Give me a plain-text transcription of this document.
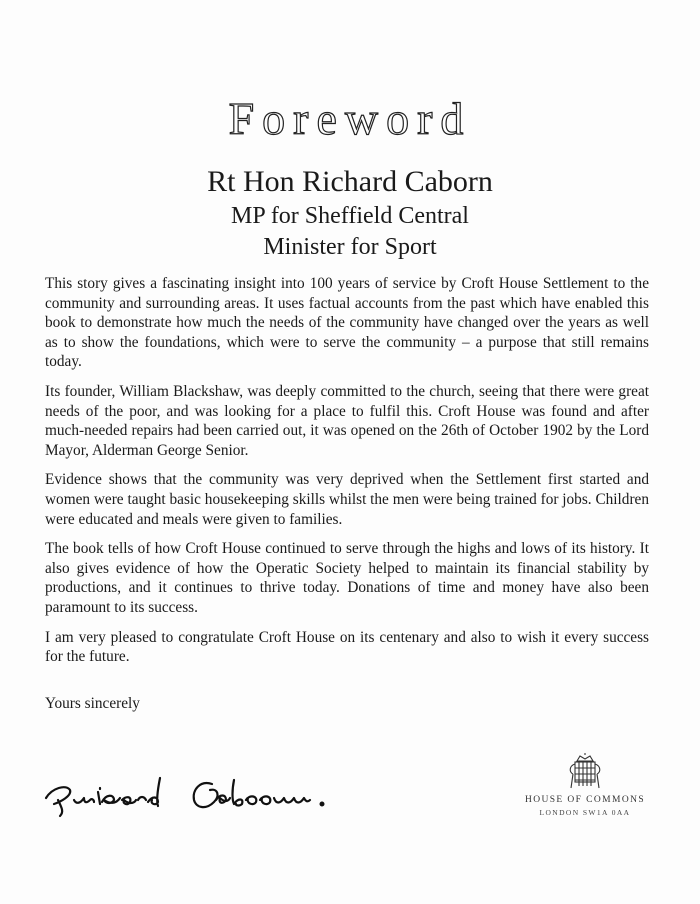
Foreword
Rt Hon Richard Caborn
MP for Sheffield Central
Minister for Sport

This story gives a fascinating insight into 100 years of service by Croft House Settlement to the community and surrounding areas. It uses factual accounts from the past which have enabled this book to demonstrate how much the needs of the community have changed over the years as well as to show the foundations, which were to serve the community – a purpose that still remains today.

Its founder, William Blackshaw, was deeply committed to the church, seeing that there were great needs of the poor, and was looking for a place to fulfil this. Croft House was found and after much-needed repairs had been carried out, it was opened on the 26th of October 1902 by the Lord Mayor, Alderman George Senior.

Evidence shows that the community was very deprived when the Settlement first started and women were taught basic housekeeping skills whilst the men were being trained for jobs. Children were educated and meals were given to families.

The book tells of how Croft House continued to serve through the highs and lows of its history. It also gives evidence of how the Operatic Society helped to maintain its financial stability by productions, and it continues to thrive today. Donations of time and money have also been paramount to its success.

I am very pleased to congratulate Croft House on its centenary and also to wish it every success for the future.

Yours sincerely
HOUSE OF COMMONS
LONDON SW1A 0AA
